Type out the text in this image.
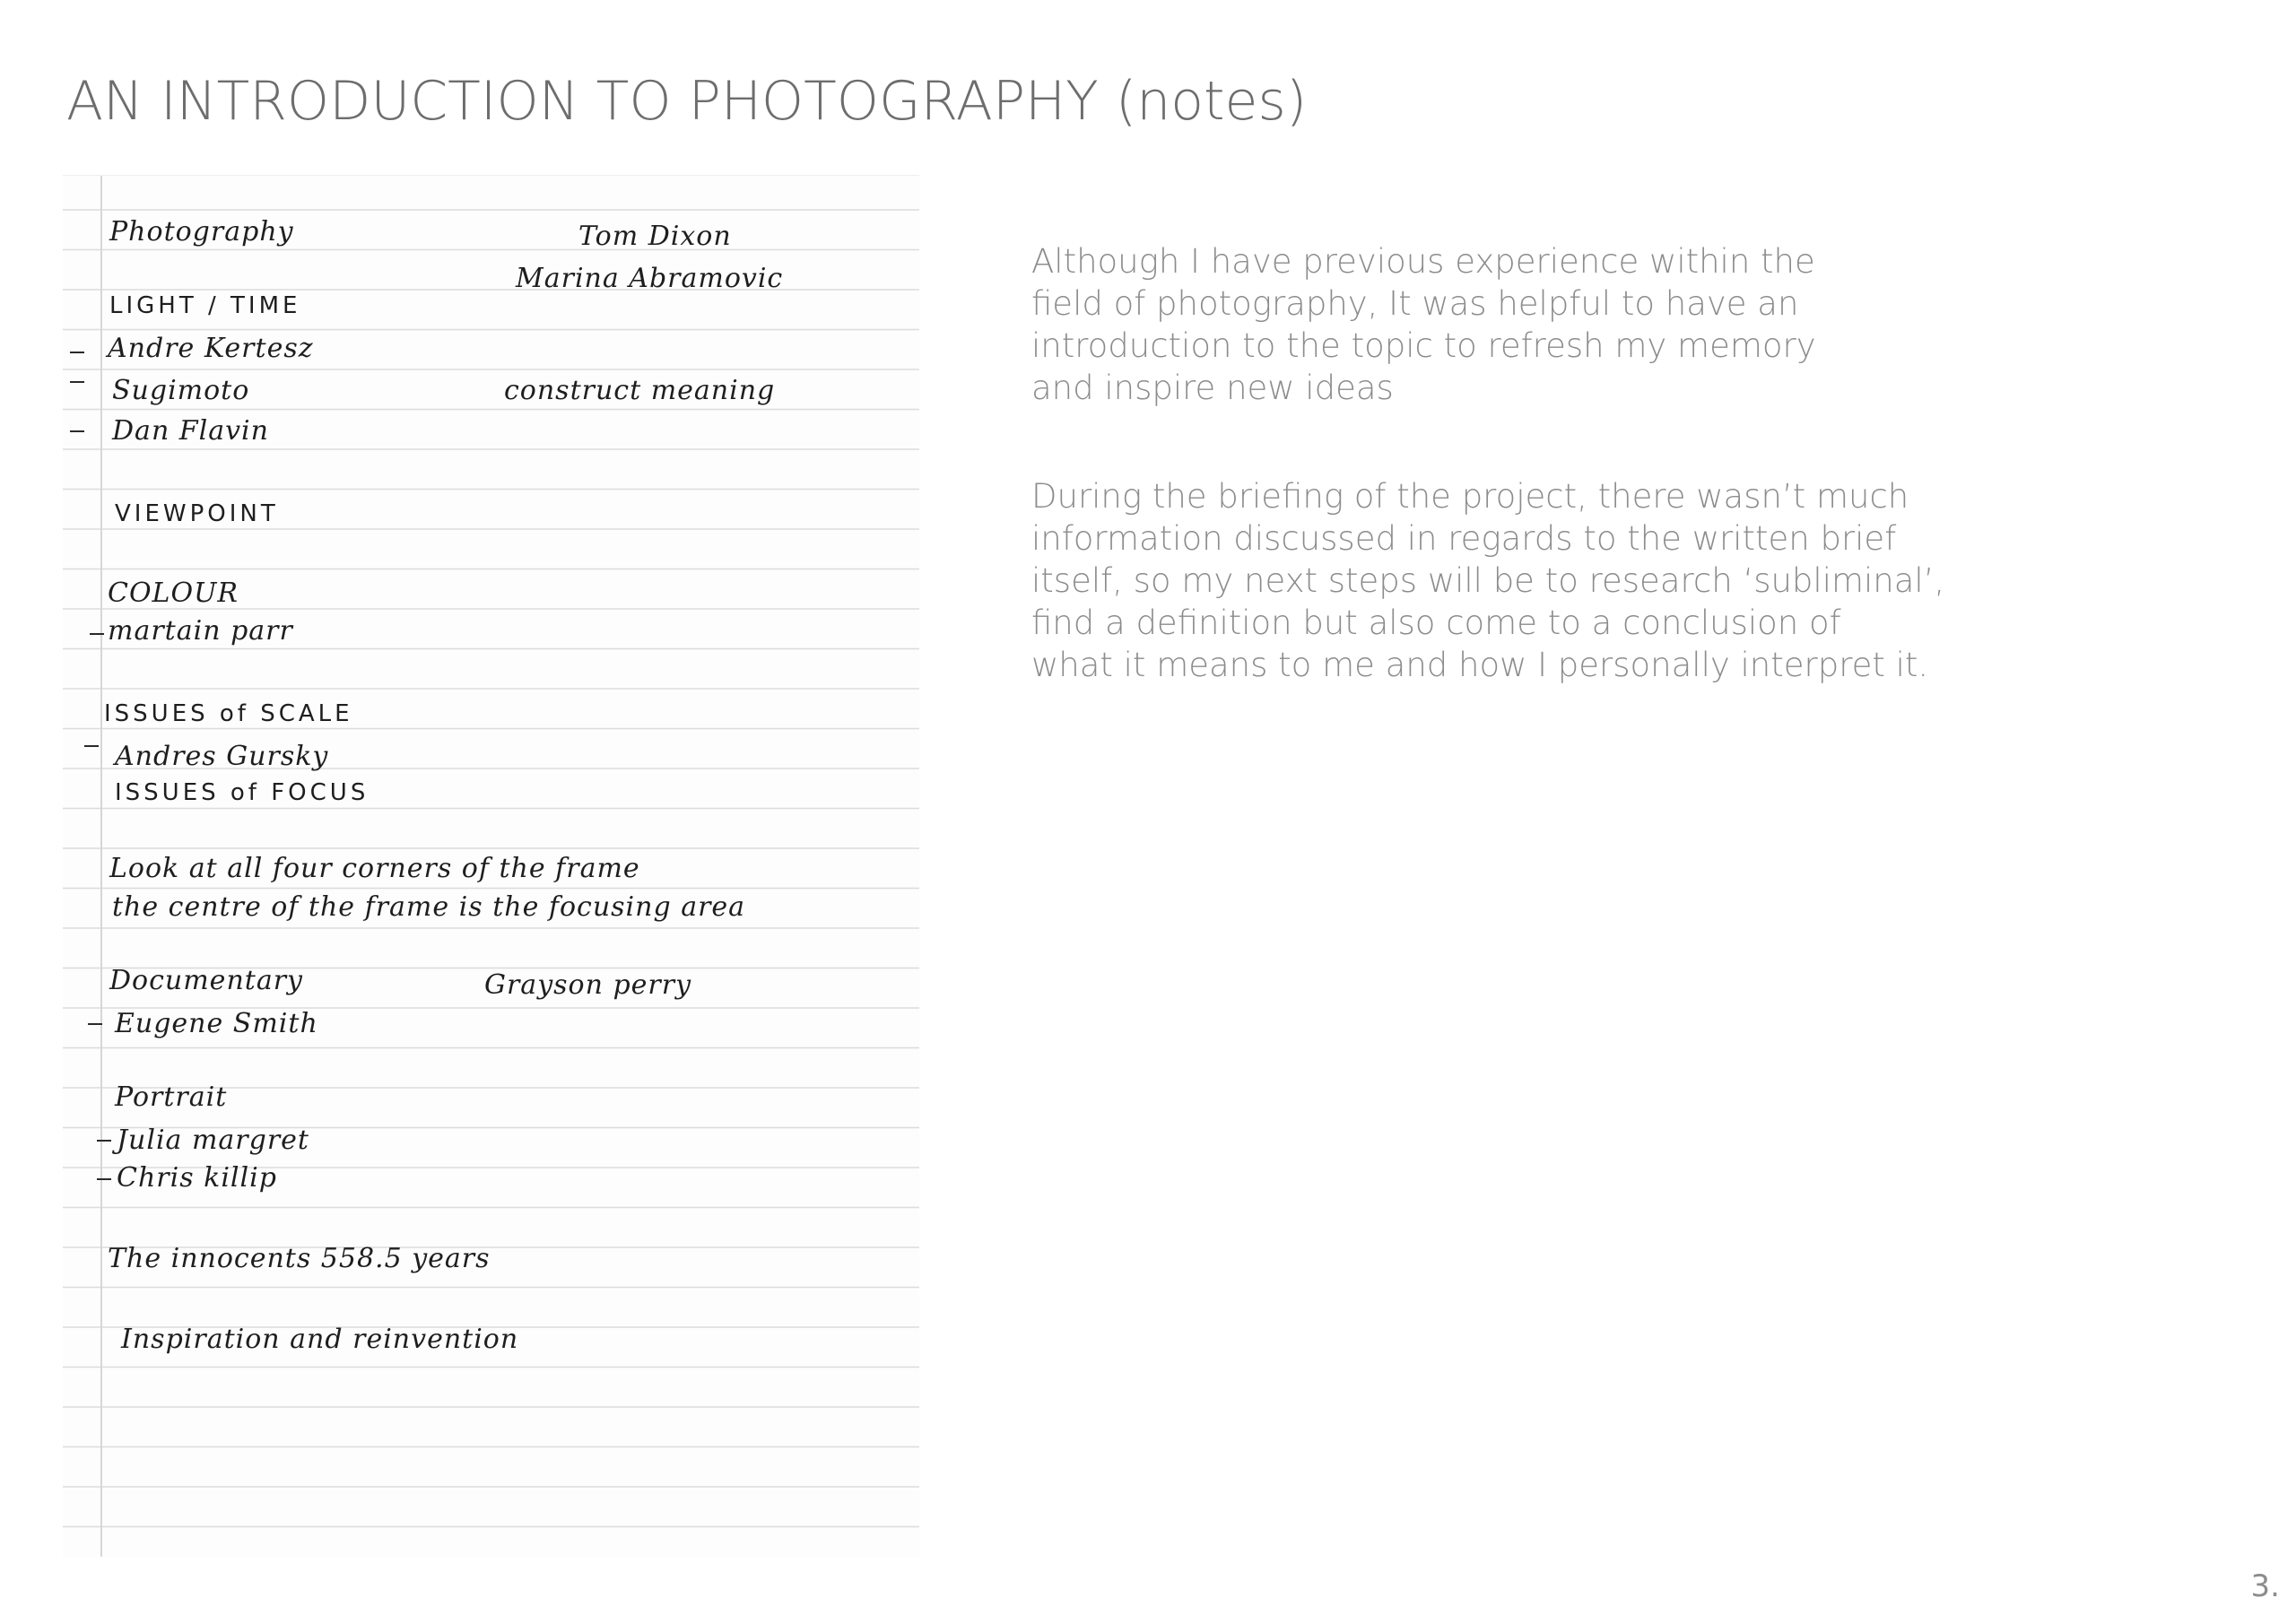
AN INTRODUCTION TO PHOTOGRAPHY (notes)
Photography	Tom Dixon
Marina Abramovic
LIGHT / TIME
Andre Kertesz
Sugimoto	construct meaning
Dan Flavin
VIEWPOINT
COLOUR
martain parr
ISSUES of SCALE
Andres Gursky
ISSUES of FOCUS
Look at all four corners of the frame
the centre of the frame is the focusing area
Documentary	Grayson perry
Eugene Smith
Portrait
Julia margret
Chris killip
The innocents 558.5 years
Inspiration and reinvention

Although I have previous experience within the
field of photography, It was helpful to have an
introduction to the topic to refresh my memory
and inspire new ideas

During the briefing of the project, there wasn’t much
information discussed in regards to the written brief
itself, so my next steps will be to research ‘subliminal’,
find a definition but also come to a conclusion of
what it means to me and how I personally interpret it.

3.
